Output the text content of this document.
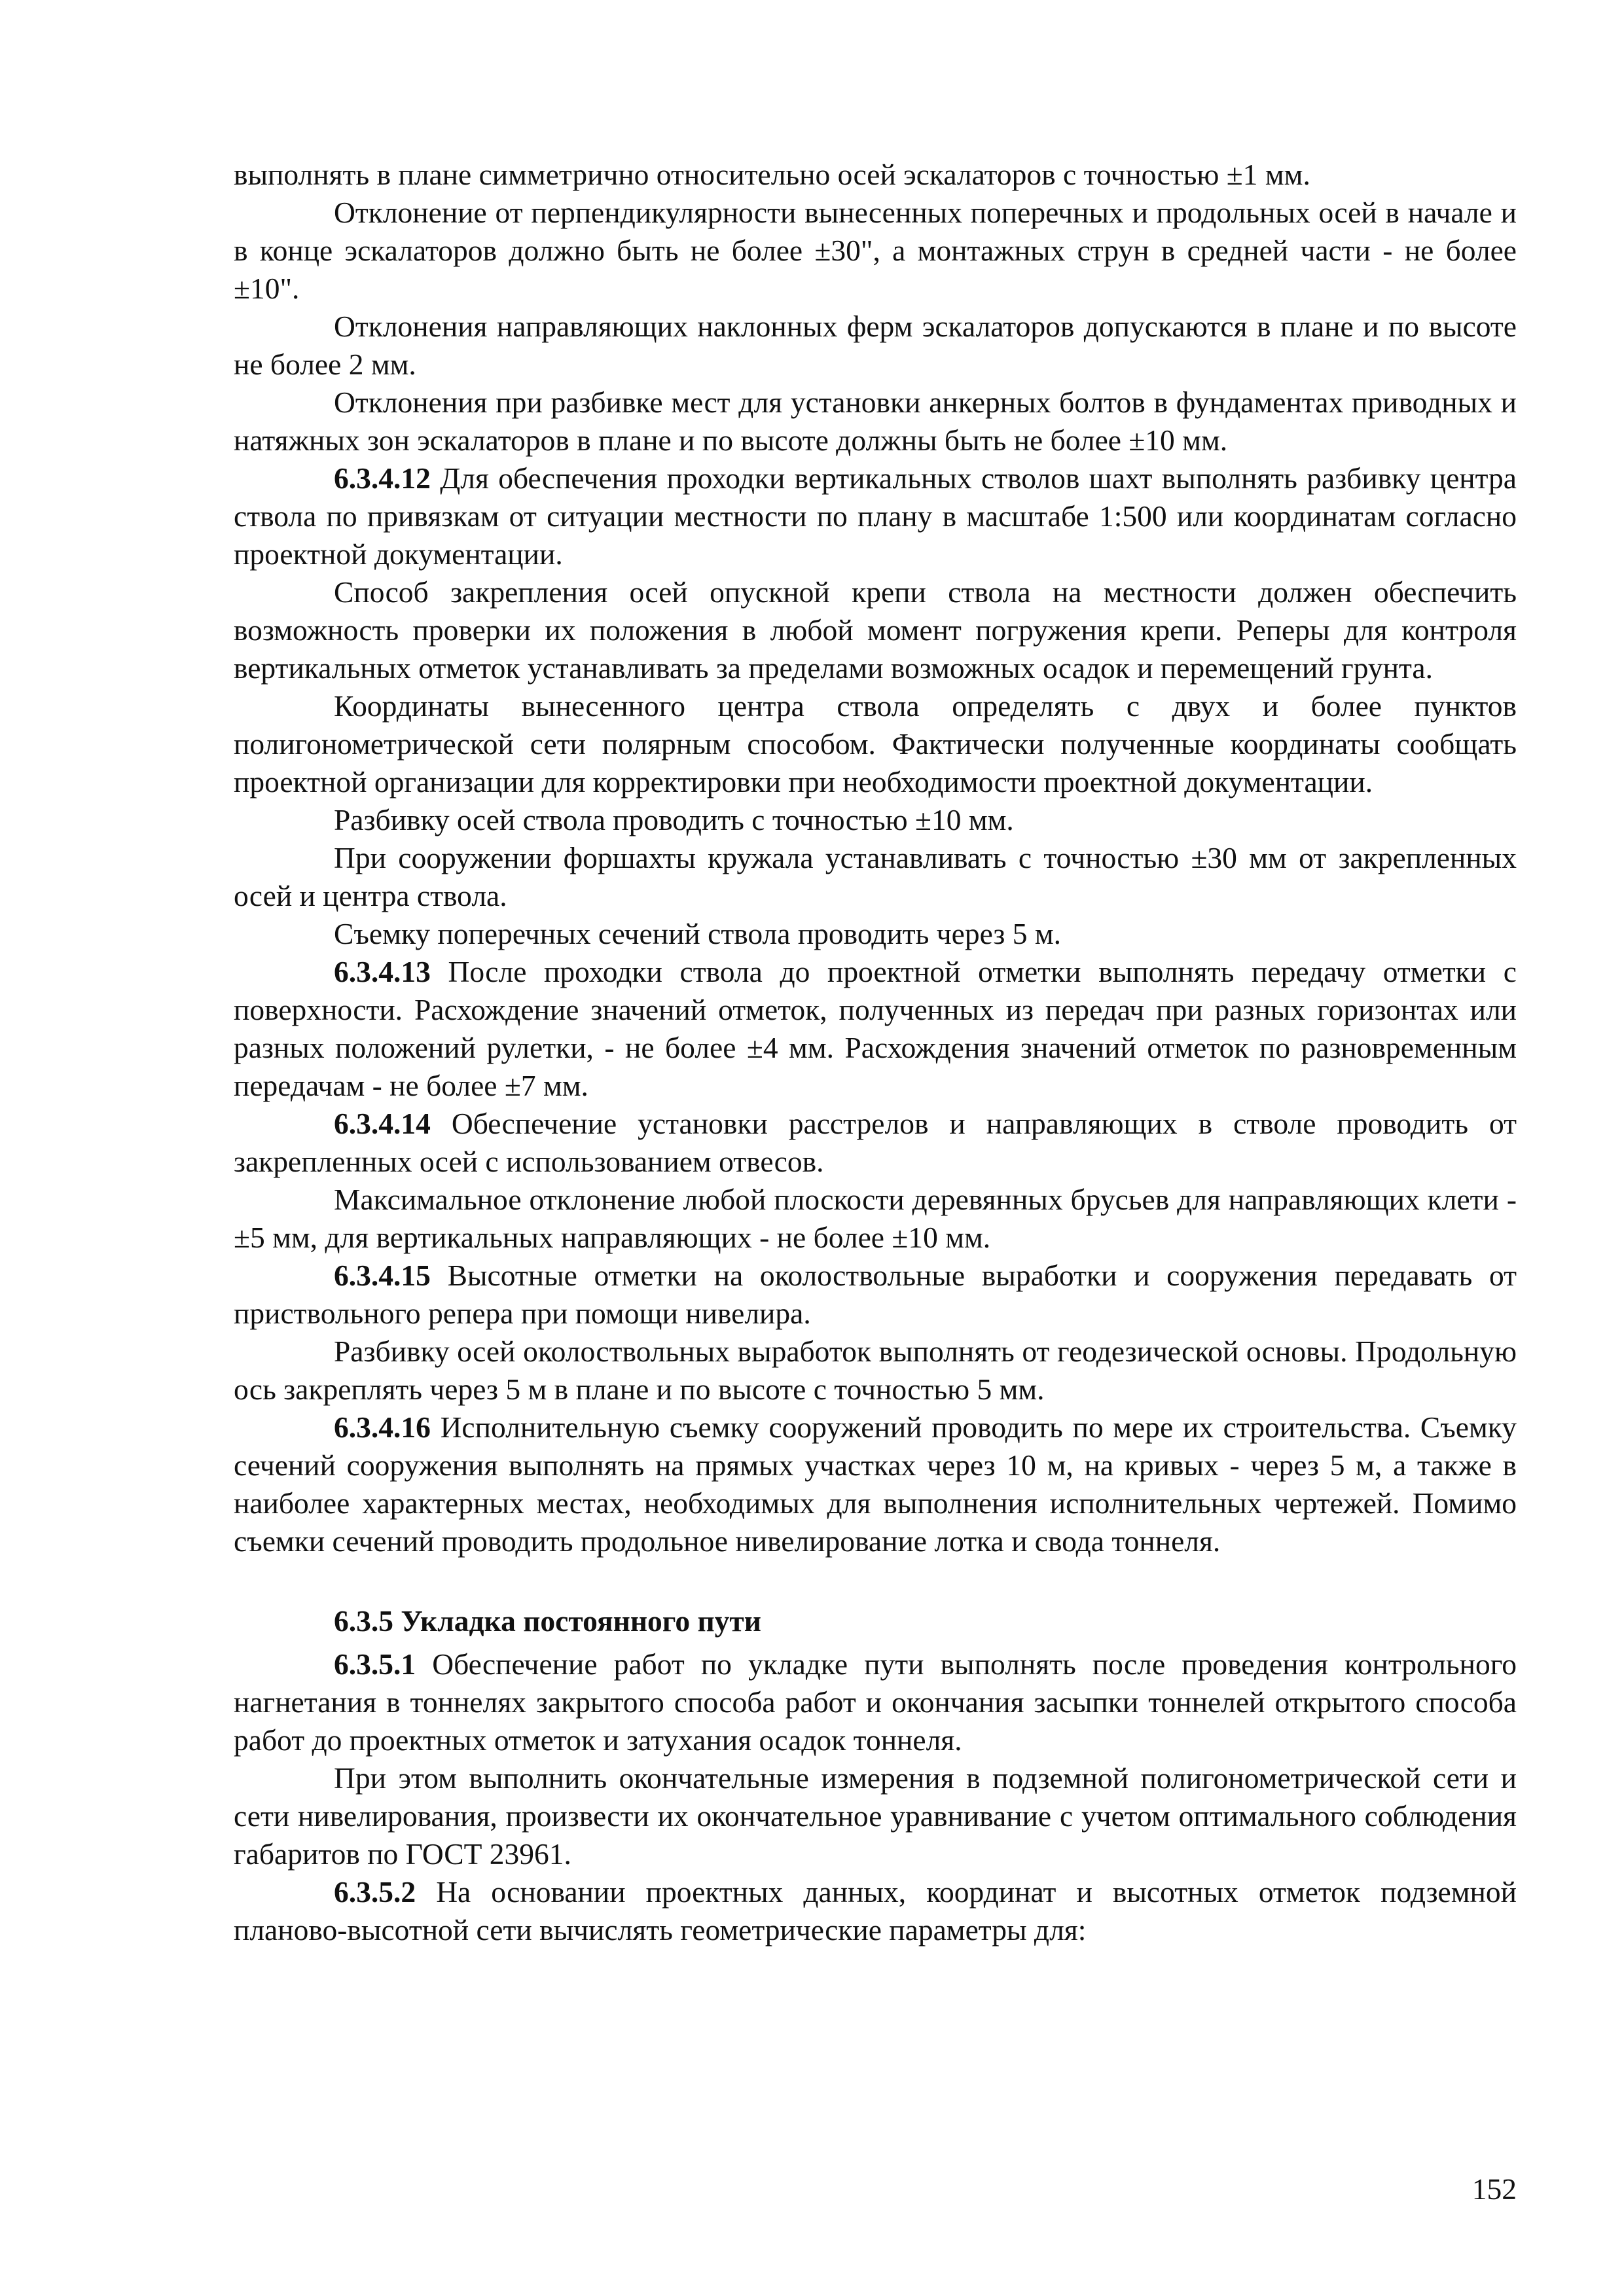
выполнять в плане симметрично относительно осей эскалаторов с точностью ±1 мм.

Отклонение от перпендикулярности вынесенных поперечных и продольных осей в начале и в конце эскалаторов должно быть не более ±30", а монтажных струн в средней части - не более ±10".

Отклонения направляющих наклонных ферм эскалаторов допускаются в плане и по высоте не более 2 мм.

Отклонения при разбивке мест для установки анкерных болтов в фундаментах приводных и натяжных зон эскалаторов в плане и по высоте должны быть не более ±10 мм.

6.3.4.12 Для обеспечения проходки вертикальных стволов шахт выполнять разбивку центра ствола по привязкам от ситуации местности по плану в масштабе 1:500 или координатам согласно проектной документации.

Способ закрепления осей опускной крепи ствола на местности должен обеспечить возможность проверки их положения в любой момент погружения крепи. Реперы для контроля вертикальных отметок устанавливать за пределами возможных осадок и перемещений грунта.

Координаты вынесенного центра ствола определять с двух и более пунктов полигонометрической сети полярным способом. Фактически полученные координаты сообщать проектной организации для корректировки при необходимости проектной документации.

Разбивку осей ствола проводить с точностью ±10 мм.

При сооружении форшахты кружала устанавливать с точностью ±30 мм от закрепленных осей и центра ствола.

Съемку поперечных сечений ствола проводить через 5 м.

6.3.4.13 После проходки ствола до проектной отметки выполнять передачу отметки с поверхности. Расхождение значений отметок, полученных из передач при разных горизонтах или разных положений рулетки, - не более ±4 мм. Расхождения значений отметок по разновременным передачам - не более ±7 мм.

6.3.4.14 Обеспечение установки расстрелов и направляющих в стволе проводить от закрепленных осей с использованием отвесов.

Максимальное отклонение любой плоскости деревянных брусьев для направляющих клети - ±5 мм, для вертикальных направляющих - не более ±10 мм.

6.3.4.15 Высотные отметки на околоствольные выработки и сооружения передавать от приствольного репера при помощи нивелира.

Разбивку осей околоствольных выработок выполнять от геодезической основы. Продольную ось закреплять через 5 м в плане и по высоте с точностью 5 мм.

6.3.4.16 Исполнительную съемку сооружений проводить по мере их строительства. Съемку сечений сооружения выполнять на прямых участках через 10 м, на кривых - через 5 м, а также в наиболее характерных местах, необходимых для выполнения исполнительных чертежей. Помимо съемки сечений проводить продольное нивелирование лотка и свода тоннеля.

6.3.5 Укладка постоянного пути

6.3.5.1 Обеспечение работ по укладке пути выполнять после проведения контрольного нагнетания в тоннелях закрытого способа работ и окончания засыпки тоннелей открытого способа работ до проектных отметок и затухания осадок тоннеля.

При этом выполнить окончательные измерения в подземной полигонометрической сети и сети нивелирования, произвести их окончательное уравнивание с учетом оптимального соблюдения габаритов по ГОСТ 23961.

6.3.5.2 На основании проектных данных, координат и высотных отметок подземной планово-высотной сети вычислять геометрические параметры для:

152
